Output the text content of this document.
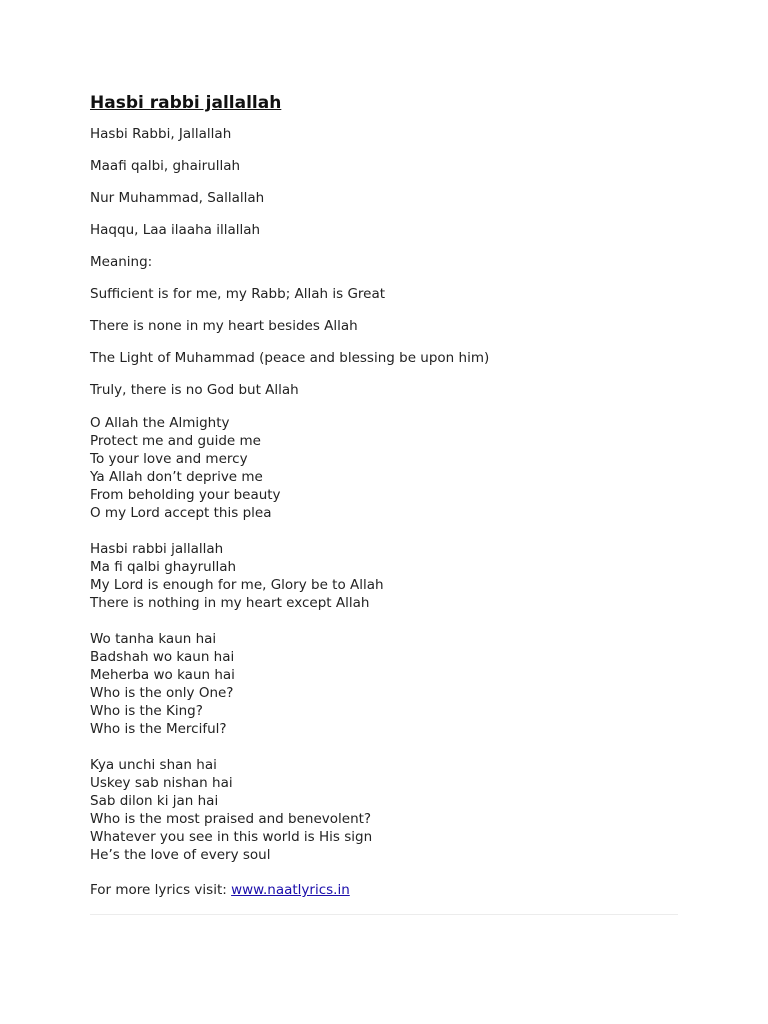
Hasbi rabbi jallallah
Hasbi Rabbi, Jallallah
Maafi qalbi, ghairullah
Nur Muhammad, Sallallah
Haqqu, Laa ilaaha illallah
Meaning:
Sufficient is for me, my Rabb; Allah is Great
There is none in my heart besides Allah
The Light of Muhammad (peace and blessing be upon him)
Truly, there is no God but Allah
O Allah the Almighty
Protect me and guide me
To your love and mercy
Ya Allah don’t deprive me
From beholding your beauty
O my Lord accept this plea
Hasbi rabbi jallallah
Ma fi qalbi ghayrullah
My Lord is enough for me, Glory be to Allah
There is nothing in my heart except Allah
Wo tanha kaun hai
Badshah wo kaun hai
Meherba wo kaun hai
Who is the only One?
Who is the King?
Who is the Merciful?
Kya unchi shan hai
Uskey sab nishan hai
Sab dilon ki jan hai
Who is the most praised and benevolent?
Whatever you see in this world is His sign
He’s the love of every soul
For more lyrics visit: www.naatlyrics.in
